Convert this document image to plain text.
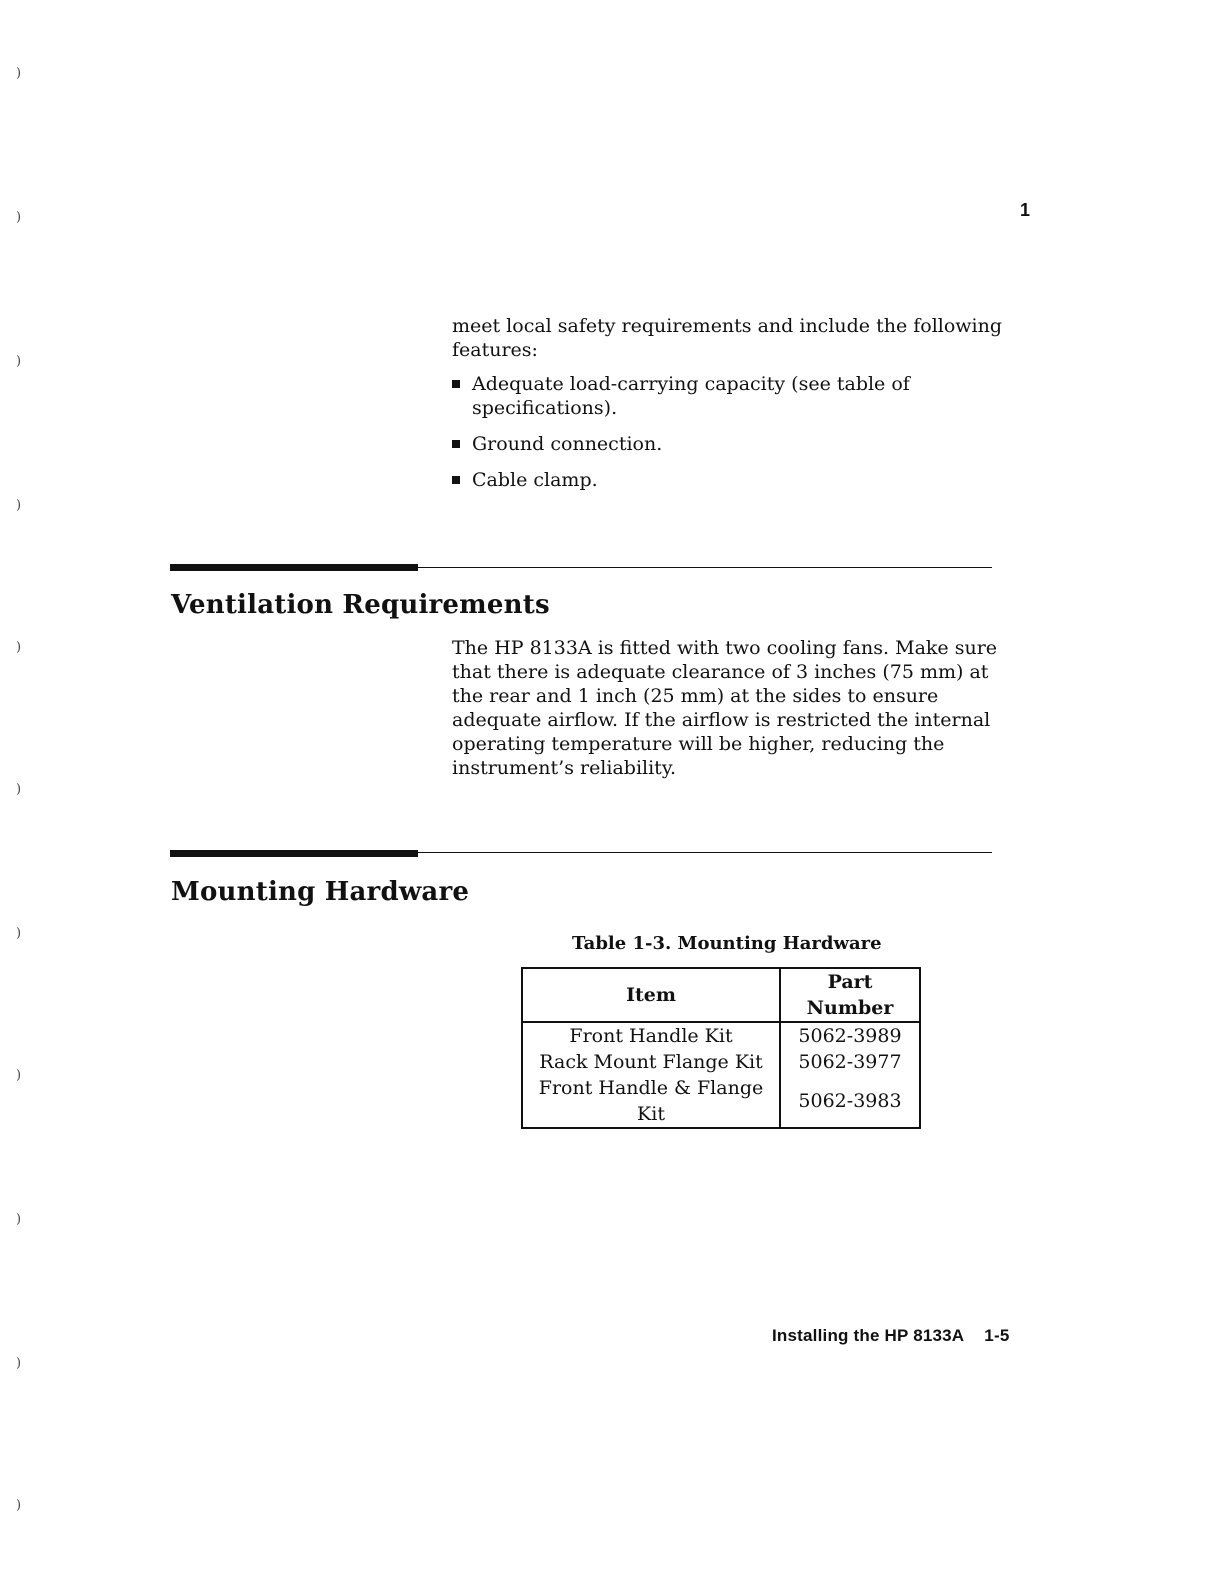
1
meet local safety requirements and include the following features:
Adequate load-carrying capacity (see table of specifications).
Ground connection.
Cable clamp.
Ventilation Requirements
The HP 8133A is fitted with two cooling fans. Make sure that there is adequate clearance of 3 inches (75 mm) at the rear and 1 inch (25 mm) at the sides to ensure adequate airflow. If the airflow is restricted the internal operating temperature will be higher, reducing the instrument’s reliability.
Mounting Hardware
Table 1-3. Mounting Hardware
Item	Part Number
Front Handle Kit	5062-3989
Rack Mount Flange Kit	5062-3977
Front Handle & Flange Kit	5062-3983
Installing the HP 8133A 1-5
)
)
)
)
)
)
)
)
)
)
)
